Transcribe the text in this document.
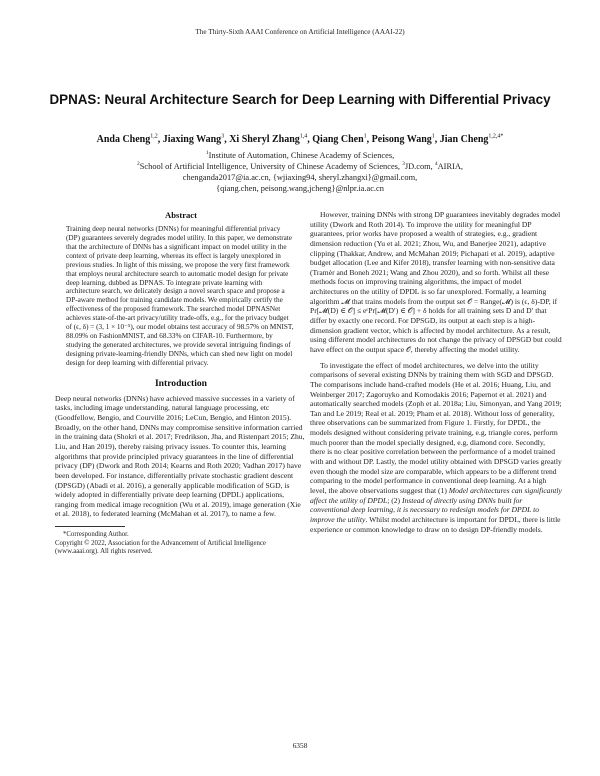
The Thirty-Sixth AAAI Conference on Artificial Intelligence (AAAI-22)
DPNAS: Neural Architecture Search for Deep Learning with Differential Privacy
Anda Cheng$^{1,2}$, Jiaxing Wang$^3$, Xi Sheryl Zhang$^{1,4}$, Qiang Chen$^1$, Peisong Wang$^1$, Jian Cheng$^{1,2,4*}$
$^1$Institute of Automation, Chinese Academy of Sciences,
$^2$School of Artificial Intelligence, University of Chinese Academy of Sciences, $^3$JD.com, $^4$AIRIA,
chenganda2017@ia.ac.cn, {wjiaxing94, sheryl.zhangxi}@gmail.com,
{qiang.chen, peisong.wang,jcheng}@nlpr.ia.ac.cn
Abstract
Training deep neural networks (DNNs) for meaningful differential privacy (DP) guarantees severely degrades model utility. In this paper, we demonstrate that the architecture of DNNs has a significant impact on model utility in the context of private deep learning, whereas its effect is largely unexplored in previous studies. In light of this missing, we propose the very first framework that employs neural architecture search to automatic model design for private deep learning, dubbed as DPNAS. To integrate private learning with architecture search, we delicately design a novel search space and propose a DP-aware method for training candidate models. We empirically certify the effectiveness of the proposed framework. The searched model DPNASNet achieves state-of-the-art privacy/utility trade-offs, e.g., for the privacy budget of (ϵ, δ) = (3, 1 × 10⁻⁵), our model obtains test accuracy of 98.57% on MNIST, 88.09% on FashionMNIST, and 68.33% on CIFAR-10. Furthermore, by studying the generated architectures, we provide several intriguing findings of designing private-learning-friendly DNNs, which can shed new light on model design for deep learning with differential privacy.
Introduction
Deep neural networks (DNNs) have achieved massive successes in a variety of tasks, including image understanding, natural language processing, etc (Goodfellow, Bengio, and Courville 2016; LeCun, Bengio, and Hinton 2015). Broadly, on the other hand, DNNs may compromise sensitive information carried in the training data (Shokri et al. 2017; Fredrikson, Jha, and Ristenpart 2015; Zhu, Liu, and Han 2019), thereby raising privacy issues. To counter this, learning algorithms that provide principled privacy guarantees in the line of differential privacy (DP) (Dwork and Roth 2014; Kearns and Roth 2020; Vadhan 2017) have been developed. For instance, differentially private stochastic gradient descent (DPSGD) (Abadi et al. 2016), a generally applicable modification of SGD, is widely adopted in differentially private deep learning (DPDL) applications, ranging from medical image recognition (Wu et al. 2019), image generation (Xie et al. 2018), to federated learning (McMahan et al. 2017), to name a few.
*Corresponding Author.
Copyright © 2022, Association for the Advancement of Artificial Intelligence (www.aaai.org). All rights reserved.
However, training DNNs with strong DP guarantees inevitably degrades model utility (Dwork and Roth 2014). To improve the utility for meaningful DP guarantees, prior works have proposed a wealth of strategies, e.g., gradient dimension reduction (Yu et al. 2021; Zhou, Wu, and Banerjee 2021), adaptive clipping (Thakkar, Andrew, and McMahan 2019; Pichapati et al. 2019), adaptive budget allocation (Lee and Kifer 2018), transfer learning with non-sensitive data (Tramèr and Boneh 2021; Wang and Zhou 2020), and so forth. Whilst all these methods focus on improving training algorithms, the impact of model architectures on the utility of DPDL is so far unexplored. Formally, a learning algorithm 𝓜 that trains models from the output set 𝒪 = Range(𝓜) is (ϵ, δ)-DP, if Pr[𝓜(D) ∈ 𝒪] ≤ eᵋPr[𝓜(D′) ∈ 𝒪] + δ holds for all training sets D and D′ that differ by exactly one record. For DPSGD, its output at each step is a high-dimension gradient vector, which is affected by model architecture. As a result, using different model architectures do not change the privacy of DPSGD but could have effect on the output space 𝒪, thereby affecting the model utility.
To investigate the effect of model architectures, we delve into the utility comparisons of several existing DNNs by training them with SGD and DPSGD. The comparisons include hand-crafted models (He et al. 2016; Huang, Liu, and Weinberger 2017; Zagoruyko and Komodakis 2016; Papernot et al. 2021) and automatically searched models (Zoph et al. 2018a; Liu, Simonyan, and Yang 2019; Tan and Le 2019; Real et al. 2019; Pham et al. 2018). Without loss of generality, three observations can be summarized from Figure 1. Firstly, for DPDL, the models designed without considering private training, e.g, triangle cores, perform much poorer than the model specially designed, e.g, diamond core. Secondly, there is no clear positive correlation between the performance of a model trained with and without DP. Lastly, the model utility obtained with DPSGD varies greatly even though the model size are comparable, which appears to be a different trend comparing to the model performance in conventional deep learning. At a high level, the above observations suggest that (1) Model architectures can significantly affect the utility of DPDL; (2) Instead of directly using DNNs built for conventional deep learning, it is necessary to redesign models for DPDL to improve the utility. Whilst model architecture is important for DPDL, there is little experience or common knowledge to draw on to design DP-friendly models.
6358
